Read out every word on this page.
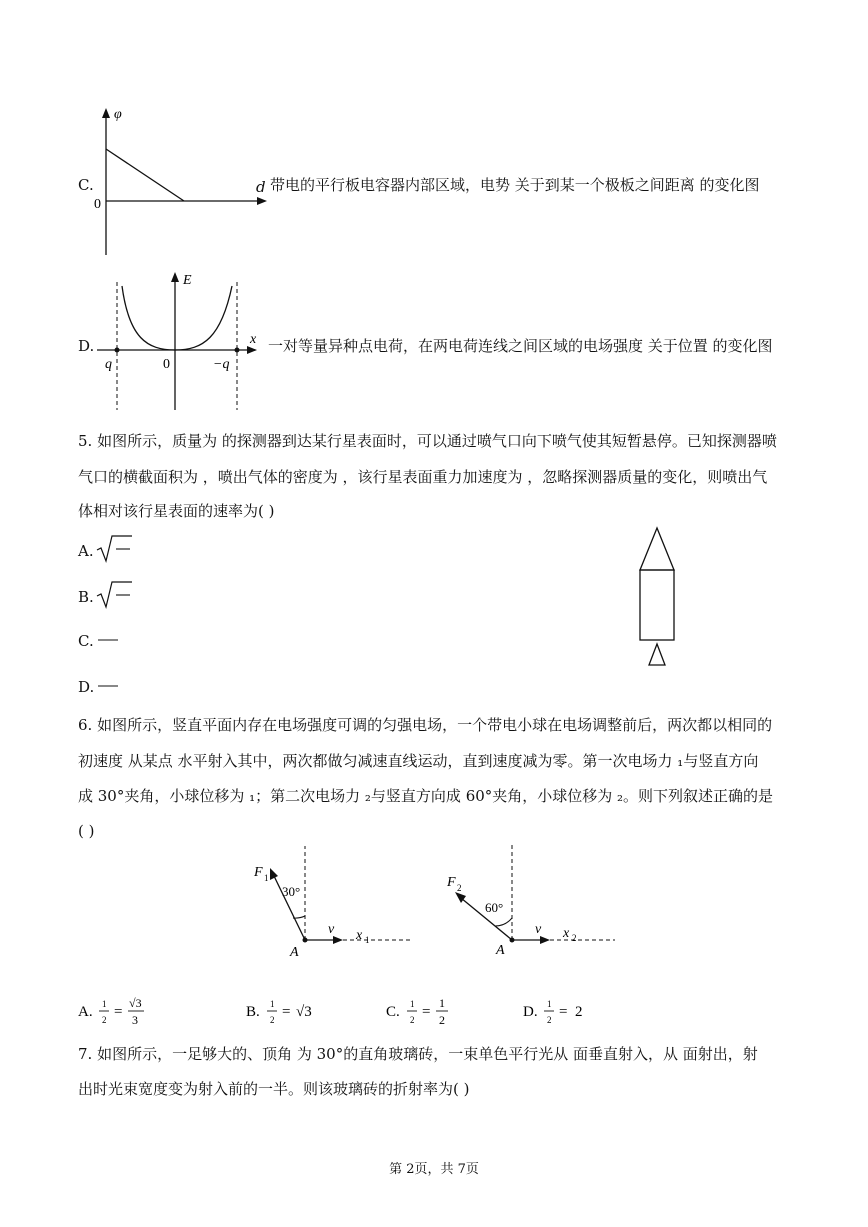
C.
φ
0
d 带电的平行板电容器内部区域，电势 关于到某一个极板之间距离 的变化图
D.
E
x
q	0	−q
一对等量异种点电荷，在两电荷连线之间区域的电场强度 关于位置 的变化图
5. 如图所示，质量为 的探测器到达某行星表面时，可以通过喷气口向下喷气使其短暂悬停。已知探测器喷
气口的横截面积为 ，喷出气体的密度为 ，该行星表面重力加速度为 ，忽略探测器质量的变化，则喷出气
体相对该行星表面的速率为( )
A.
B.
C.
D.
6. 如图所示，竖直平面内存在电场强度可调的匀强电场，一个带电小球在电场调整前后，两次都以相同的
初速度 从某点 水平射入其中，两次都做匀减速直线运动，直到速度减为零。第一次电场力 ₁与竖直方向
成 30°夹角，小球位移为 ₁；第二次电场力 ₂与竖直方向成 60°夹角，小球位移为 ₂。则下列叙述正确的是
( )
F 1
30°
v x 1
A
F 2
60°
v x 2
A
A. 1
2 =
√3
3	B. 1
2 = √3	C. 1
2 =
1
2	D. 1
2 = 2
7. 如图所示，一足够大的、顶角 为 30°的直角玻璃砖，一束单色平行光从 面垂直射入，从 面射出，射
出时光束宽度变为射入前的一半。则该玻璃砖的折射率为( )
第 2页，共 7页
